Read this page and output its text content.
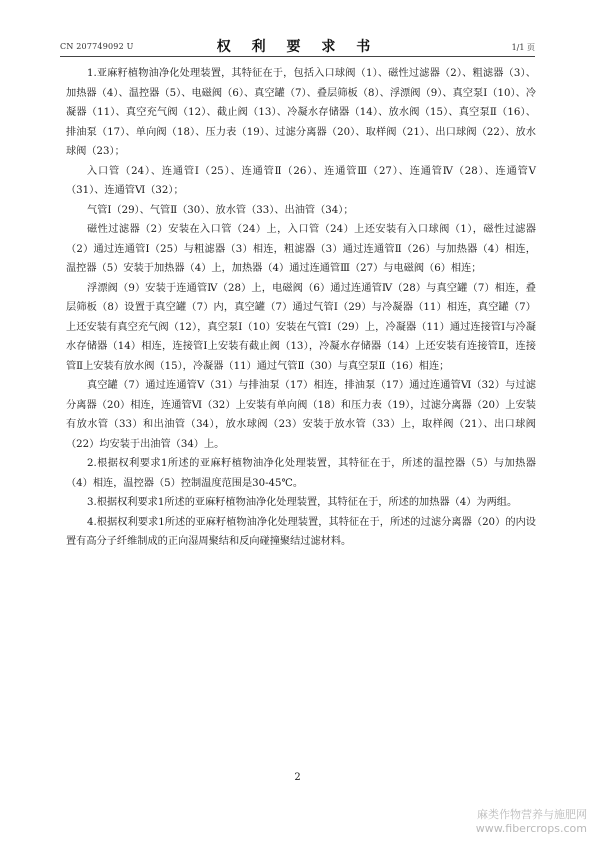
CN 207749092 U	权 利 要 求 书	1/1 页

1.亚麻籽植物油净化处理装置，其特征在于，包括入口球阀（1）、磁性过滤器（2）、粗滤器（3）、加热器（4）、温控器（5）、电磁阀（6）、真空罐（7）、叠层筛板（8）、浮漂阀（9）、真空泵Ⅰ（10）、冷凝器（11）、真空充气阀（12）、截止阀（13）、冷凝水存储器（14）、放水阀（15）、真空泵Ⅱ（16）、排油泵（17）、单向阀（18）、压力表（19）、过滤分离器（20）、取样阀（21）、出口球阀（22）、放水球阀（23）；

入口管（24）、连通管Ⅰ（25）、连通管Ⅱ（26）、连通管Ⅲ（27）、连通管Ⅳ（28）、连通管Ⅴ（31）、连通管Ⅵ（32）；

气管Ⅰ（29）、气管Ⅱ（30）、放水管（33）、出油管（34）；

磁性过滤器（2）安装在入口管（24）上，入口管（24）上还安装有入口球阀（1），磁性过滤器（2）通过连通管Ⅰ（25）与粗滤器（3）相连，粗滤器（3）通过连通管Ⅱ（26）与加热器（4）相连，温控器（5）安装于加热器（4）上，加热器（4）通过连通管Ⅲ（27）与电磁阀（6）相连；

浮漂阀（9）安装于连通管Ⅳ（28）上，电磁阀（6）通过连通管Ⅳ（28）与真空罐（7）相连，叠层筛板（8）设置于真空罐（7）内，真空罐（7）通过气管Ⅰ（29）与冷凝器（11）相连，真空罐（7）上还安装有真空充气阀（12），真空泵Ⅰ（10）安装在气管Ⅰ（29）上，冷凝器（11）通过连接管Ⅰ与冷凝水存储器（14）相连，连接管Ⅰ上安装有截止阀（13），冷凝水存储器（14）上还安装有连接管Ⅱ，连接管Ⅱ上安装有放水阀（15），冷凝器（11）通过气管Ⅱ（30）与真空泵Ⅱ（16）相连；

真空罐（7）通过连通管Ⅴ（31）与排油泵（17）相连，排油泵（17）通过连通管Ⅵ（32）与过滤分离器（20）相连，连通管Ⅵ（32）上安装有单向阀（18）和压力表（19），过滤分离器（20）上安装有放水管（33）和出油管（34），放水球阀（23）安装于放水管（33）上，取样阀（21）、出口球阀（22）均安装于出油管（34）上。

2.根据权利要求1所述的亚麻籽植物油净化处理装置，其特征在于，所述的温控器（5）与加热器（4）相连，温控器（5）控制温度范围是30-45℃。

3.根据权利要求1所述的亚麻籽植物油净化处理装置，其特征在于，所述的加热器（4）为两组。

4.根据权利要求1所述的亚麻籽植物油净化处理装置，其特征在于，所述的过滤分离器（20）的内设置有高分子纤维制成的正向湿周聚结和反向碰撞聚结过滤材料。

2
麻类作物营养与施肥网
www.fibercrops.com
